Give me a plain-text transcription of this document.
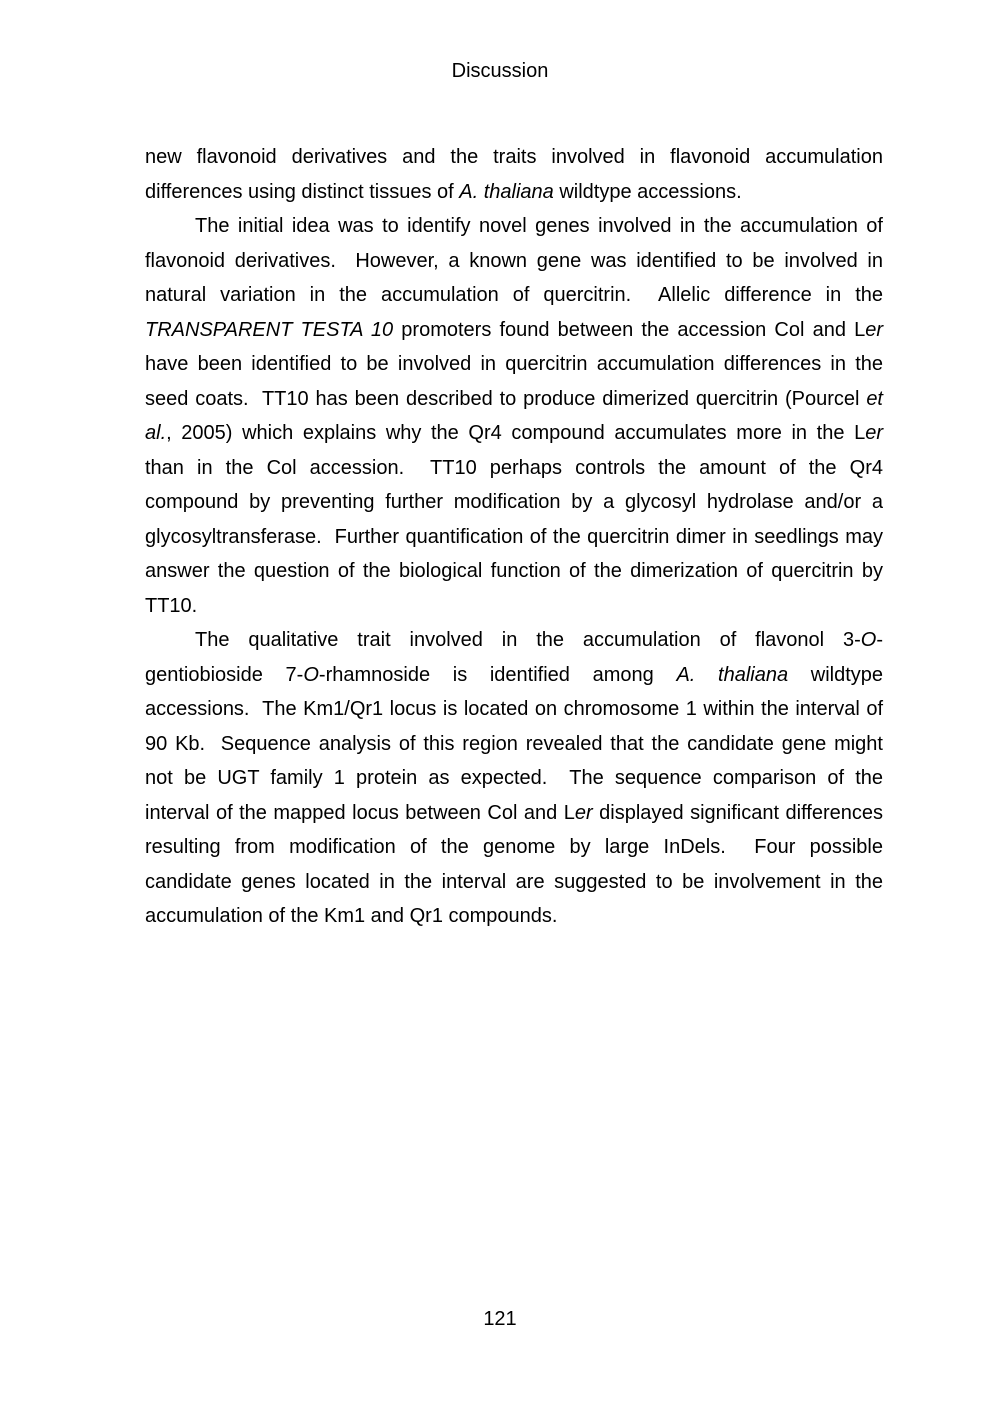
Discussion
new flavonoid derivatives and the traits involved in flavonoid accumulation
differences using distinct tissues of A. thaliana wildtype accessions.
The initial idea was to identify novel genes involved in the accumulation of
flavonoid derivatives.  However, a known gene was identified to be involved in
natural variation in the accumulation of quercitrin.  Allelic difference in the
TRANSPARENT TESTA 10 promoters found between the accession Col and Ler
have been identified to be involved in quercitrin accumulation differences in the
seed coats.  TT10 has been described to produce dimerized quercitrin (Pourcel et
al., 2005) which explains why the Qr4 compound accumulates more in the Ler
than in the Col accession.  TT10 perhaps controls the amount of the Qr4
compound by preventing further modification by a glycosyl hydrolase and/or a
glycosyltransferase.  Further quantification of the quercitrin dimer in seedlings may
answer the question of the biological function of the dimerization of quercitrin by
TT10.
The qualitative trait involved in the accumulation of flavonol 3-O-
gentiobioside 7-O-rhamnoside is identified among A. thaliana wildtype
accessions.  The Km1/Qr1 locus is located on chromosome 1 within the interval of
90 Kb.  Sequence analysis of this region revealed that the candidate gene might
not be UGT family 1 protein as expected.  The sequence comparison of the
interval of the mapped locus between Col and Ler displayed significant differences
resulting from modification of the genome by large InDels.  Four possible
candidate genes located in the interval are suggested to be involvement in the
accumulation of the Km1 and Qr1 compounds.
121
